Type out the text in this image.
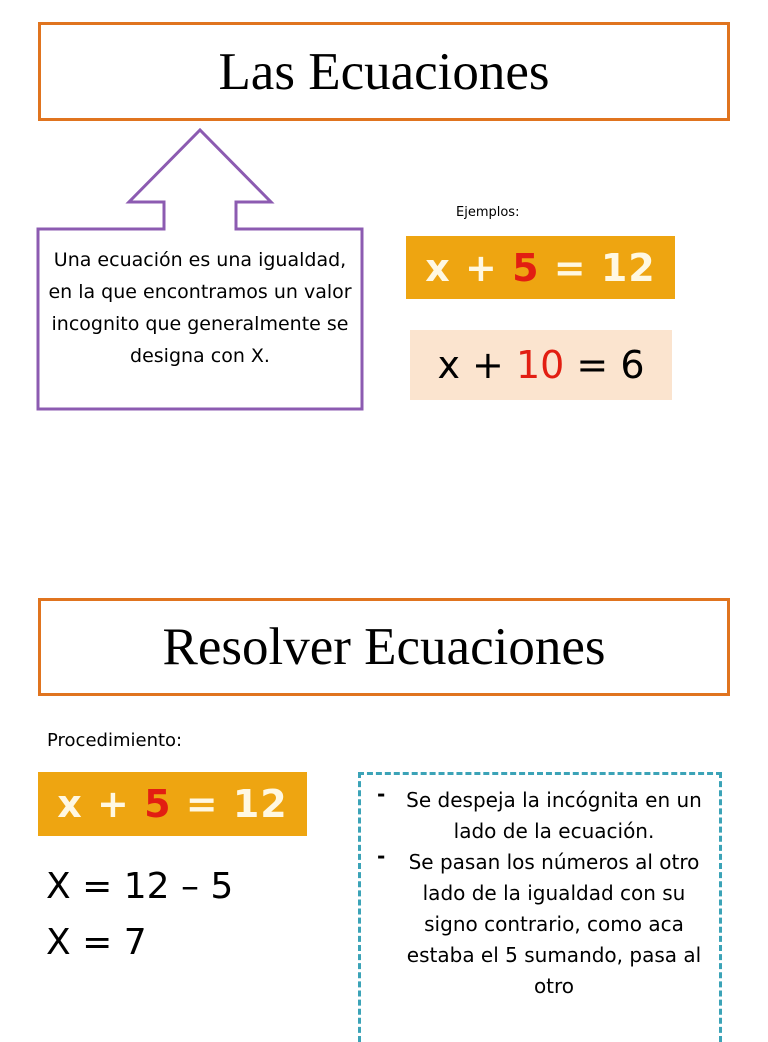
Las Ecuaciones
Una ecuación es una igualdad, en la que encontramos un valor incognito que generalmente se designa con X.
Ejemplos:
x + 5 = 12
x + 10 = 6
Resolver Ecuaciones
Procedimiento:
x + 5 = 12
X = 12 – 5
X = 7
- Se despeja la incógnita en un lado de la ecuación.
- Se pasan los números al otro lado de la igualdad con su signo contrario, como aca estaba el 5 sumando, pasa al otro
